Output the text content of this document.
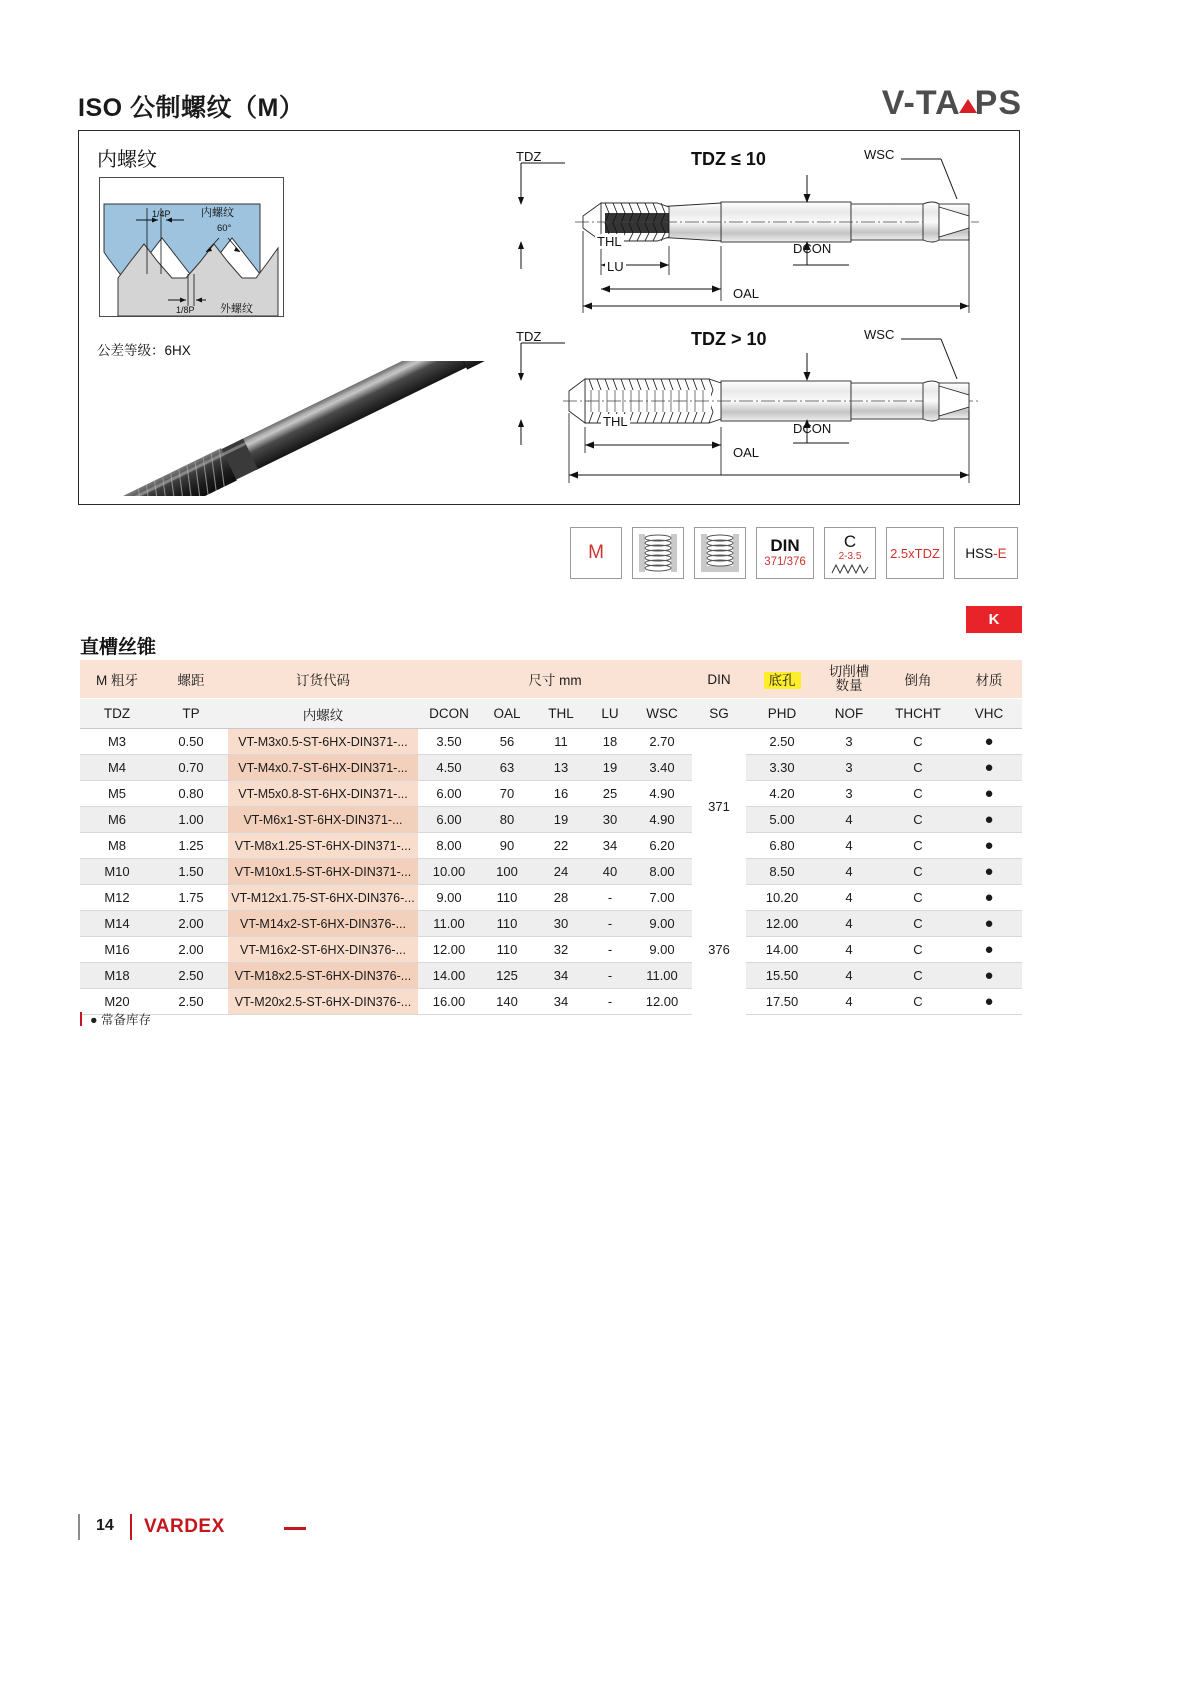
ISO 公制螺纹（M）	V-TA PS
内螺纹
1/4P	内螺纹
60°
1/8P 外螺纹
公差等级：6HX
TDZ ≤ 10
TDZ	WSC
DCON
THL
LU
OAL
TDZ > 10
TDZ	WSC
DCON
THL
OAL
M	DIN
371/376
C
2-3.5 2.5xTDZ HSS -E
K
直槽丝锥
M 粗牙	螺距	订货代码	尺寸 mm					DIN	底孔	切削槽
数量	倒角	材质
TDZ	TP	内螺纹	DCON	OAL	THL	LU	WSC	SG	PHD	NOF	THCHT	VHC
M3	0.50	VT-M3x0.5-ST-6HX-DIN371-...	3.50	56	11	18	2.70	371	2.50	3	C	●
M4	0.70	VT-M4x0.7-ST-6HX-DIN371-...	4.50	63	13	19	3.40		3.30	3	C	●
M5	0.80	VT-M5x0.8-ST-6HX-DIN371-...	6.00	70	16	25	4.90		4.20	3	C	●
M6	1.00	VT-M6x1-ST-6HX-DIN371-...	6.00	80	19	30	4.90		5.00	4	C	●
M8	1.25	VT-M8x1.25-ST-6HX-DIN371-...	8.00	90	22	34	6.20		6.80	4	C	●
M10	1.50	VT-M10x1.5-ST-6HX-DIN371-...	10.00	100	24	40	8.00		8.50	4	C	●
M12	1.75	VT-M12x1.75-ST-6HX-DIN376-...	9.00	110	28	-	7.00	376	10.20	4	C	●
M14	2.00	VT-M14x2-ST-6HX-DIN376-...	11.00	110	30	-	9.00		12.00	4	C	●
M16	2.00	VT-M16x2-ST-6HX-DIN376-...	12.00	110	32	-	9.00		14.00	4	C	●
M18	2.50	VT-M18x2.5-ST-6HX-DIN376-...	14.00	125	34	-	11.00		15.50	4	C	●
M20	2.50	VT-M20x2.5-ST-6HX-DIN376-...	16.00	140	34	-	12.00		17.50	4	C	●
● 常备库存
14 VARDEX
